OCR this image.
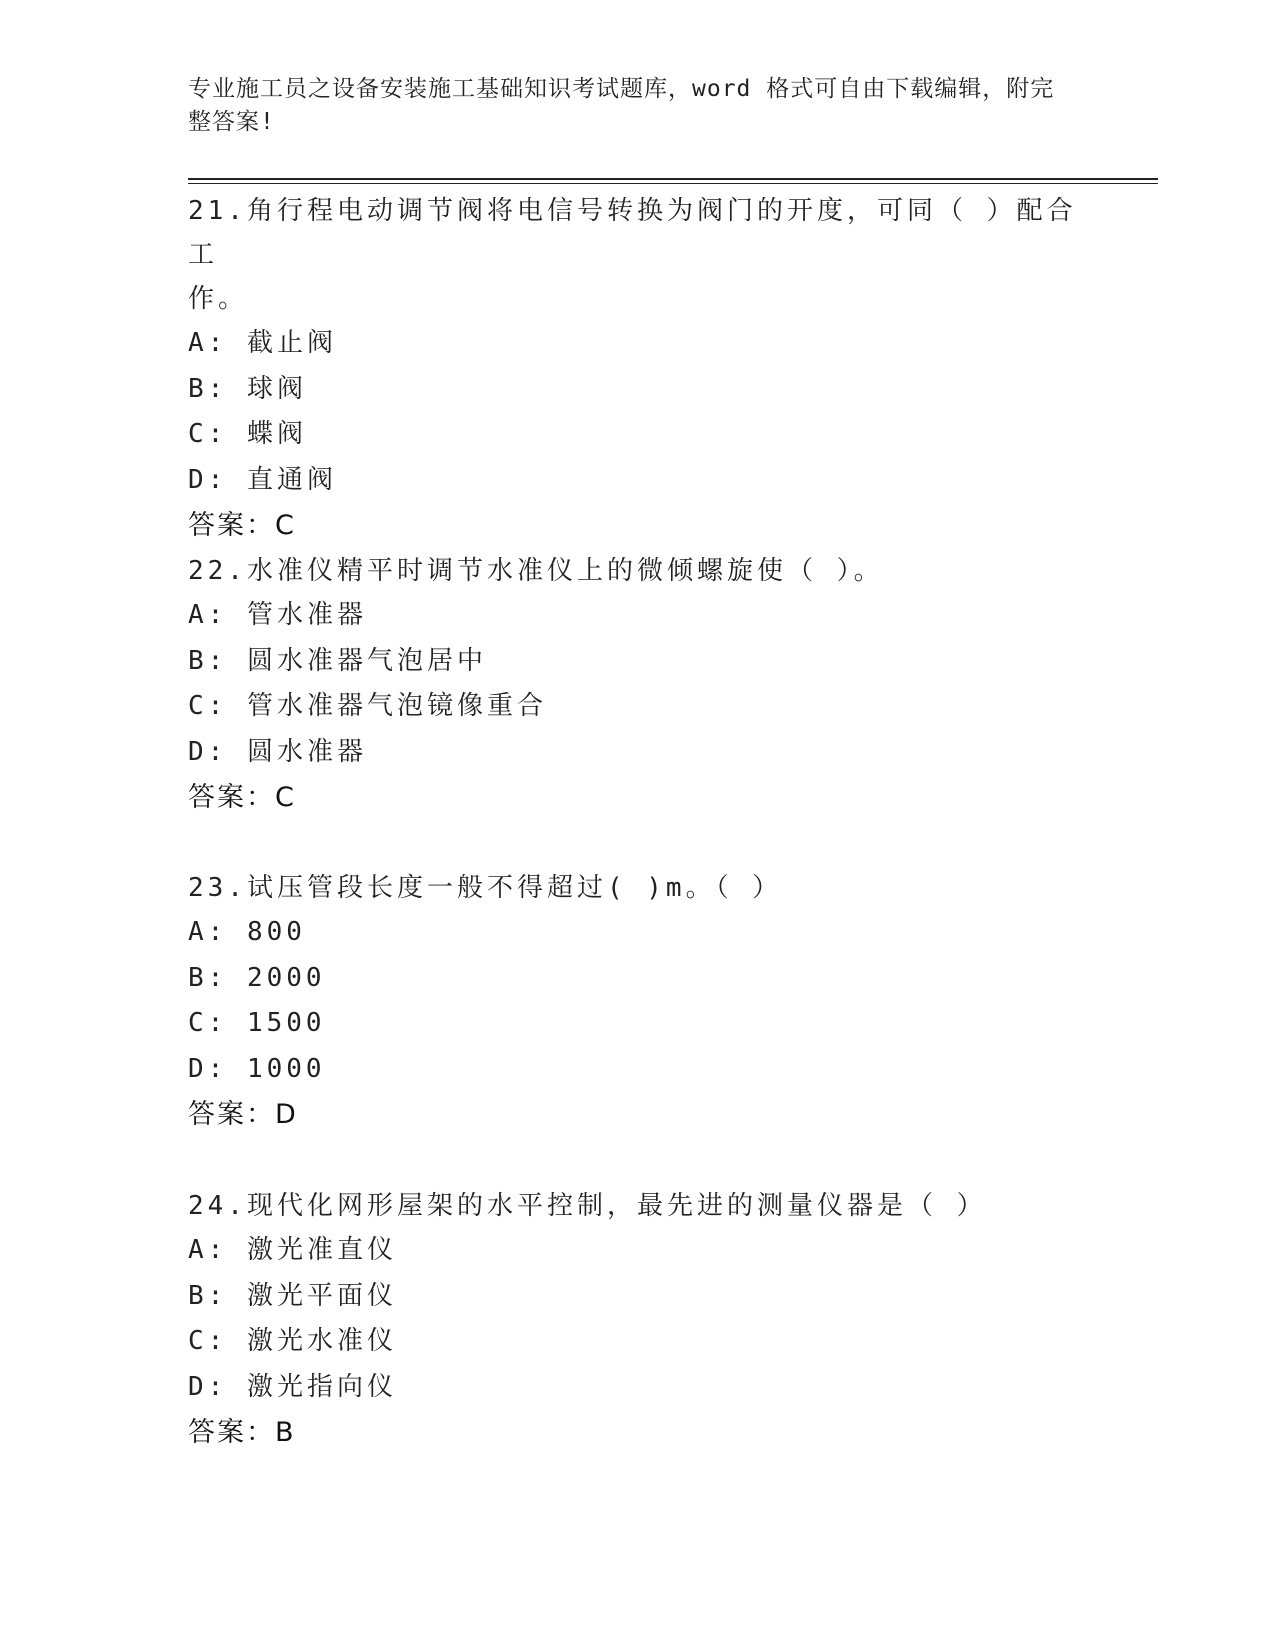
专业施工员之设备安装施工基础知识考试题库，word 格式可自由下载编辑，附完
整答案!

21.角行程电动调节阀将电信号转换为阀门的开度，可同（ ）配合工

作。

A: 截止阀

B: 球阀

C: 蝶阀

D: 直通阀

答案：C

22.水准仪精平时调节水准仪上的微倾螺旋使（ ）。

A: 管水准器

B: 圆水准器气泡居中

C: 管水准器气泡镜像重合

D: 圆水准器

答案：C

23.试压管段长度一般不得超过( )m。（ ）

A: 800

B: 2000

C: 1500

D: 1000

答案：D

24.现代化网形屋架的水平控制，最先进的测量仪器是（ ）

A: 激光准直仪

B: 激光平面仪

C: 激光水准仪

D: 激光指向仪

答案：B
